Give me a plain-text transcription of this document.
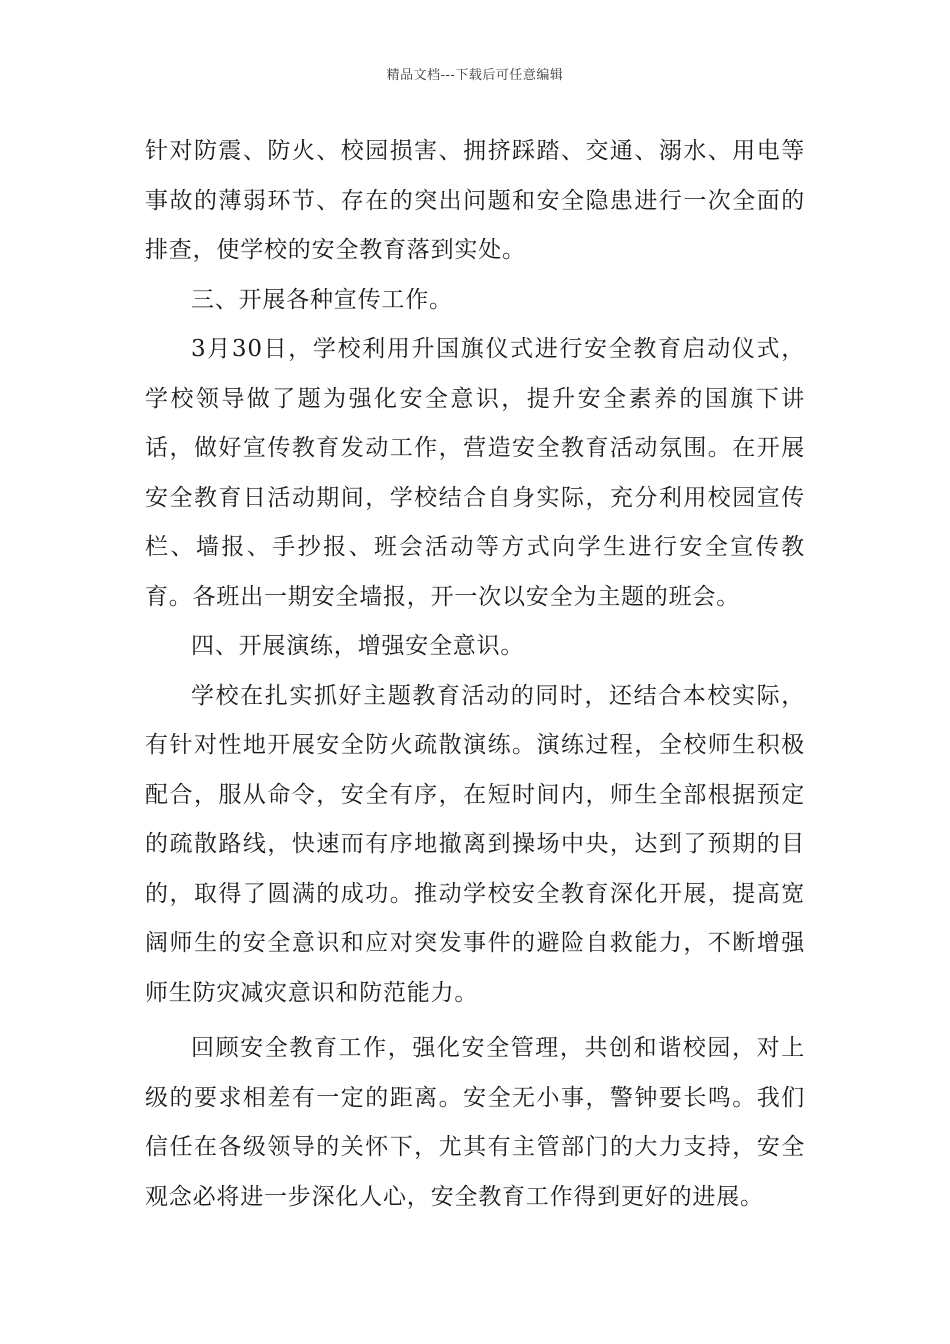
精品文档---下载后可任意编辑

针对防震、防火、校园损害、拥挤踩踏、交通、溺水、用电等事故的薄弱环节、存在的突出问题和安全隐患进行一次全面的排查，使学校的安全教育落到实处。

三、开展各种宣传工作。

3月30日，学校利用升国旗仪式进行安全教育启动仪式，学校领导做了题为强化安全意识，提升安全素养的国旗下讲话，做好宣传教育发动工作，营造安全教育活动氛围。在开展安全教育日活动期间，学校结合自身实际，充分利用校园宣传栏、墙报、手抄报、班会活动等方式向学生进行安全宣传教育。各班出一期安全墙报，开一次以安全为主题的班会。

四、开展演练，增强安全意识。

学校在扎实抓好主题教育活动的同时，还结合本校实际，有针对性地开展安全防火疏散演练。演练过程，全校师生积极配合，服从命令，安全有序，在短时间内，师生全部根据预定的疏散路线，快速而有序地撤离到操场中央，达到了预期的目的，取得了圆满的成功。推动学校安全教育深化开展，提高宽阔师生的安全意识和应对突发事件的避险自救能力，不断增强师生防灾减灾意识和防范能力。

回顾安全教育工作，强化安全管理，共创和谐校园，对上级的要求相差有一定的距离。安全无小事，警钟要长鸣。我们信任在各级领导的关怀下，尤其有主管部门的大力支持，安全观念必将进一步深化人心，安全教育工作得到更好的进展。
